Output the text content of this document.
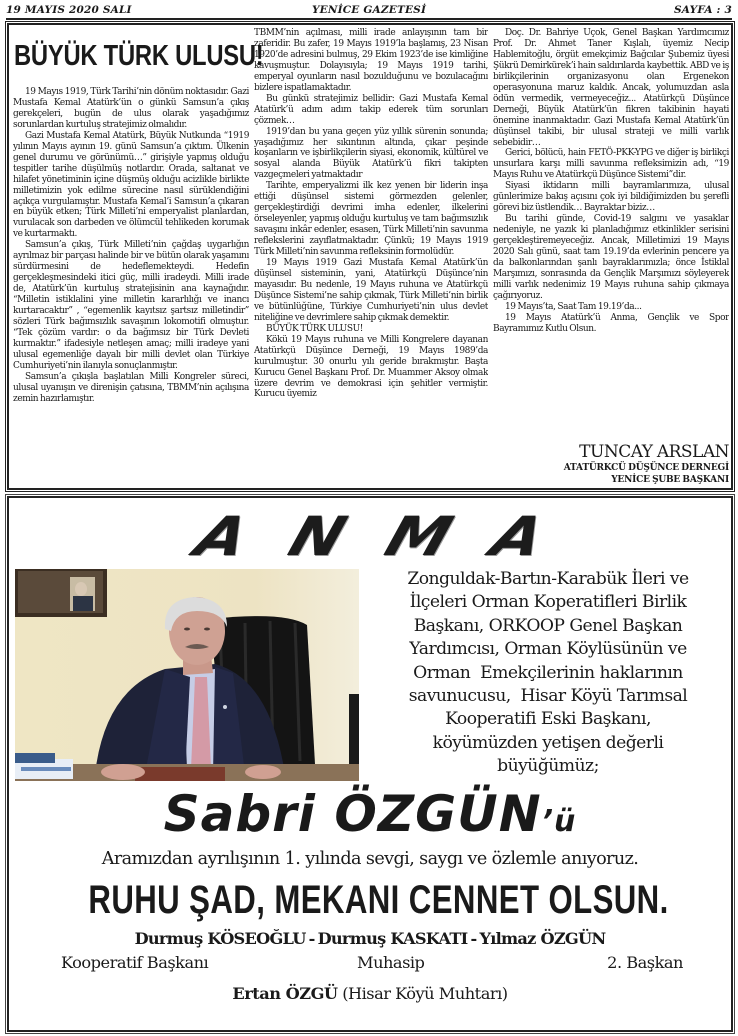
19 MAYIS 2020 SALI	YENİCE GAZETESİ	SAYFA : 3
BÜYÜK TÜRK ULUSU!

19 Mayıs 1919, Türk Tarihi’nin dönüm noktasıdır. Gazi Mustafa Kemal Atatürk’ün o günkü Samsun’a çıkış gerekçeleri, bugün de ulus olarak yaşadığımız sorunlardan kurtuluş stratejimiz olmalıdır.

Gazi Mustafa Kemal Atatürk, Büyük Nutkunda “1919 yılının Mayıs ayının 19. günü Samsun’a çıktım. Ülkenin genel durumu ve görünümü…” girişiyle yapmış olduğu tespitler tarihe düşülmüş notlardır. Orada, saltanat ve hilafet yönetiminin içine düşmüş olduğu acizlikle birlikte milletimizin yok edilme sürecine nasıl sürüklendiğini açıkça vurgulamıştır. Mustafa Kemal’i Samsun’a çıkaran en büyük etken; Türk Milleti’ni emperyalist planlardan, vurulacak son darbeden ve ölümcül tehlikeden korumak ve kurtarmaktı.

Samsun’a çıkış, Türk Milleti’nin çağdaş uygarlığın ayrılmaz bir parçası halinde bir ve bütün olarak yaşamını sürdürmesini de hedeflemekteydi. Hedefin gerçekleşmesindeki itici güç, milli iradeydi. Milli irade de, Atatürk’ün kurtuluş stratejisinin ana kaynağıdır. “Milletin istiklalini yine milletin kararlılığı ve inancı kurtaracaktır” , “egemenlik kayıtsız şartsız milletindir” sözleri Türk bağımsızlık savaşının lokomotifi olmuştur. “Tek çözüm vardır: o da bağımsız bir Türk Devleti kurmaktır.” ifadesiyle netleşen amaç; milli iradeye yani ulusal egemenliğe dayalı bir milli devlet olan Türkiye Cumhuriyeti’nin ilanıyla sonuçlanmıştır.

Samsun’a çıkışla başlatılan Milli Kongreler süreci, ulusal uyanışın ve direnişin çatısına, TBMM’nin açılışına zemin hazırlamıştır.

TBMM’nin açılması, milli irade anlayışının tam bir zaferidir. Bu zafer, 19 Mayıs 1919’la başlamış, 23 Nisan 1920’de adresini bulmuş, 29 Ekim 1923’de ise kimliğine kavuşmuştur. Dolayısıyla; 19 Mayıs 1919 tarihi, emperyal oyunların nasıl bozulduğunu ve bozulacağını bizlere ispatlamaktadır.

Bu günkü stratejimiz bellidir: Gazi Mustafa Kemal Atatürk’ü adım adım takip ederek tüm sorunları çözmek…

1919’dan bu yana geçen yüz yıllık sürenin sonunda; yaşadığımız her sıkıntının altında, çıkar peşinde koşanların ve işbirlikçilerin siyasi, ekonomik, kültürel ve sosyal alanda Büyük Atatürk’ü fikri takipten vazgeçmeleri yatmaktadır

Tarihte, emperyalizmi ilk kez yenen bir liderin inşa ettiği düşünsel sistemi görmezden gelenler, gerçekleştirdiği devrimi imha edenler, ilkelerini örseleyenler, yapmış olduğu kurtuluş ve tam bağımsızlık savaşını inkâr edenler, esasen, Türk Milleti’nin savunma reflekslerini zayıflatmaktadır. Çünkü; 19 Mayıs 1919 Türk Milleti’nin savunma refleksinin formolüdür.

19 Mayıs 1919 Gazi Mustafa Kemal Atatürk’ün düşünsel sisteminin, yani, Atatürkçü Düşünce’nin mayasıdır. Bu nedenle, 19 Mayıs ruhuna ve Atatürkçü Düşünce Sistemi’ne sahip çıkmak, Türk Milleti’nin birlik ve bütünlüğüne, Türkiye Cumhuriyeti’nin ulus devlet niteliğine ve devrimlere sahip çıkmak demektir.

BÜYÜK TÜRK ULUSU!

Kökü 19 Mayıs ruhuna ve Milli Kongrelere dayanan Atatürkçü Düşünce Derneği, 19 Mayıs 1989’da kurulmuştur. 30 onurlu yılı geride bırakmıştır. Başta Kurucu Genel Başkanı Prof. Dr. Muammer Aksoy olmak üzere devrim ve demokrasi için şehitler vermiştir. Kurucu üyemiz

Doç. Dr. Bahriye Üçok, Genel Başkan Yardımcımız Prof. Dr. Ahmet Taner Kışlalı, üyemiz Necip Hablemitoğlu, örgüt emekçimiz Bağcılar Şubemiz üyesi Şükrü Demirkürek’i hain saldırılarda kaybettik. ABD ve iş birlikçilerinin organizasyonu olan Ergenekon operasyonuna maruz kaldık. Ancak, yolumuzdan asla ödün vermedik, vermeyeceğiz... Atatürkçü Düşünce Derneği, Büyük Atatürk’ün fikren takibinin hayati önemine inanmaktadır. Gazi Mustafa Kemal Atatürk’ün düşünsel takibi, bir ulusal strateji ve milli varlık sebebidir…

Gerici, bölücü, hain FETÖ-PKK-YPG ve diğer iş birlikçi unsurlara karşı milli savunma refleksimizin adı, “19 Mayıs Ruhu ve Atatürkçü Düşünce Sistemi”dir.

Siyasi iktidarın milli bayramlarımıza, ulusal günlerimize bakış açısını çok iyi bildiğimizden bu şerefli görevi biz üstlendik… Bayraktar biziz…

Bu tarihi günde, Covid-19 salgını ve yasaklar nedeniyle, ne yazık ki planladığımız etkinlikler serisini gerçekleştiremeyeceğiz. Ancak, Milletimizi 19 Mayıs 2020 Salı günü, saat tam 19.19’da evlerinin pencere ya da balkonlarından şanlı bayraklarımızla; önce İstiklal Marşımızı, sonrasında da Gençlik Marşımızı söyleyerek milli varlık nedenimiz 19 Mayıs ruhuna sahip çıkmaya çağırıyoruz.

19 Mayıs’ta, Saat Tam 19.19’da...

19 Mayıs Atatürk’ü Anma, Gençlik ve Spor Bayramımız Kutlu Olsun.

TUNCAY ARSLAN
ATATÜRKCÜ DÜŞÜNCE DERNEGİ
YENİCE ŞUBE BAŞKANI
A N M A
Zonguldak-Bartın-Karabük İleri ve
İlçeleri Orman Koperatifleri Birlik
Başkanı, ORKOOP Genel Başkan
Yardımcısı, Orman Köylüsünün ve
Orman  Emekçilerinin haklarının
savunucusu,  Hisar Köyü Tarımsal
Kooperatifi Eski Başkanı,
köyümüzden yetişen değerli
büyüğümüz;
Sabri ÖZGÜN’ü
Aramızdan ayrılışının 1. yılında sevgi, saygı ve özlemle anıyoruz.
RUHU ŞAD, MEKANI CENNET OLSUN.
Durmuş KÖSEOĞLU - Durmuş KASKATI - Yılmaz ÖZGÜN
Kooperatif Başkanı	Muhasip	2. Başkan
Ertan ÖZGÜ (Hisar Köyü Muhtarı)
